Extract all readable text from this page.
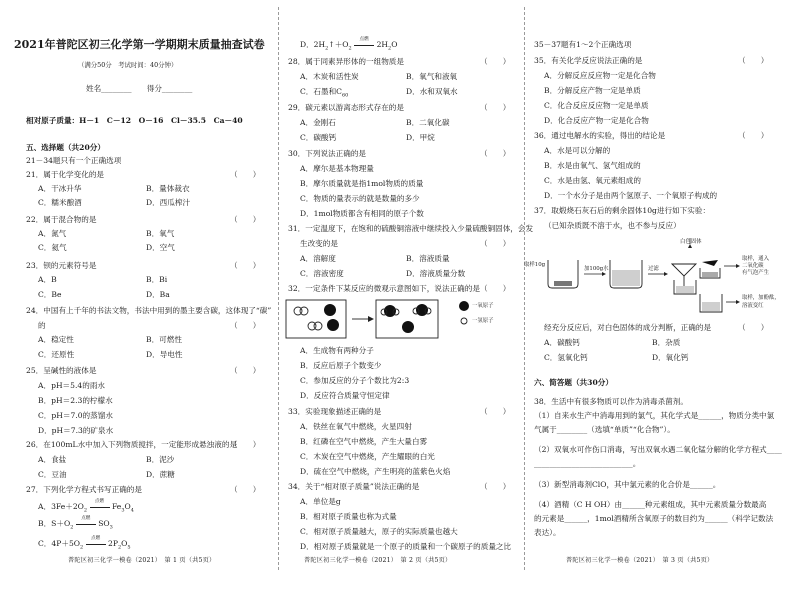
2021年普陀区初三化学第一学期期末质量抽查试卷
（满分50分　考试时间：40分钟）
姓名________　　得分________
相对原子质量：H－1　C－12　O－16　Cl－35.5　Ca－40
五、选择题（共20分）
21－34题只有一个正确选项
21．属于化学变化的是	（　　）
A．干冰升华	B．量体裁衣
C．糯米酿酒	D．西瓜榨汁
22．属于混合物的是	（　　）
A．氮气	B．氧气
C．氦气	D．空气
23．钡的元素符号是	（　　）
A．B	B．Bi
C．Be	D．Ba
24．中国有上千年的书法文物，书法中用到的墨主要含碳，这体现了“碳”
的	（　　）
A．稳定性	B．可燃性
C．还原性	D．导电性
25．呈碱性的液体是	（　　）
A．pH＝5.4的雨水
B．pH＝2.3的柠檬水
C．pH＝7.0的蒸馏水
D．pH＝7.3的矿泉水
26．在100mL水中加入下列物质搅拌，一定能形成悬浊液的是
（　　）
A．食盐	B．泥沙
C．豆油	D．蔗糖
27．下列化学方程式书写正确的是	（　　）
A．$3Fe+2O_2$
点燃
$Fe_3O_4$
B．$S+O_2$
点燃
$SO_3$
C．$4P+5O_2$
点燃
$2P_2O_5$
普陀区初三化学一模卷（2021）　第 1 页（共5页）
D．$2H_2↑+O_2$
点燃
$2H_2O$
28．属于同素异形体的一组物质是	（　　）
A．木炭和活性炭	B．氧气和液氧
C．石墨和$C_{60}$	D．水和双氧水
29．碳元素以游离态形式存在的是	（　　）
A．金刚石	B．二氧化碳
C．碳酸钙	D．甲烷
30．下列说法正确的是	（　　）
A．摩尔是基本物理量
B．摩尔质量就是指1mol物质的质量
C．物质的量表示的就是数量的多少
D．1mol物质都含有相同的原子个数
31．一定温度下，在饱和的硫酸铜溶液中继续投入少量硫酸铜固体，会发
生改变的是	（　　）
A．溶解度	B．溶液质量
C．溶液密度	D．溶液质量分数
32．一定条件下某反应的微观示意图如下，说法正确的是 （　　）
一氧原子
一氢原子
A．生成物有两种分子
B．反应后原子个数变少
C．参加反应的分子个数比为2:3
D．反应符合质量守恒定律
33．实验现象描述正确的是	（　　）
A．铁丝在氧气中燃烧，火星四射
B．红磷在空气中燃烧，产生大量白雾
C．木炭在空气中燃烧，产生耀眼的白光
D．硫在空气中燃烧，产生明亮的蓝紫色火焰
34．关于“相对原子质量”说法正确的是	（　　）
A．单位是g
B．相对原子质量也称为式量
C．相对原子质量越大，原子的实际质量也越大
D．相对原子质量就是一个原子的质量和一个碳原子的质量之比
普陀区初三化学一模卷（2021）　第 2 页（共5页）
35－37题有1～2个正确选项
35．有关化学反应说法正确的是	（　　）
A．分解反应反应物一定是化合物
B．分解反应产物一定是单质
C．化合反应反应物一定是单质
D．化合反应产物一定是化合物
36．通过电解水的实验，得出的结论是	（　　）
A．水是可以分解的
B．水是由氧气、氢气组成的
C．水是由氢、氧元素组成的
D．一个水分子是由两个氢原子、一个氧原子构成的
37．取煅烧石灰石后的剩余固体10g进行如下实验：
（已知杂质既不溶于水，也不参与反应）
白色固体
取样10g
加100g水	过滤
取样，通入
二氧化碳
有气泡产生
取样，加酚酞，
溶液变红
经充分反应后，对白色固体的成分判断，正确的是	（　　）
A．碳酸钙	B．杂质
C．氢氧化钙	D．氧化钙
六、简答题（共30分）
38．生活中有很多物质可以作为消毒杀菌剂。
（1）自来水生产中消毒用到的氯气，其化学式是______，物质分类中氯
气属于________（选填“单质”“化合物”）。
（2）双氧水可作伤口消毒，写出双氧水遇二氧化锰分解的化学方程式____
__________________________。
（3）新型消毒剂ClO，其中氯元素的化合价是______。
（4）酒精（C H OH）由______种元素组成，其中元素质量分数最高
的元素是______，1mol酒精所含氧原子的数目约为______（科学记数法
表达）。
普陀区初三化学一模卷（2021）　第 3 页（共5页）
